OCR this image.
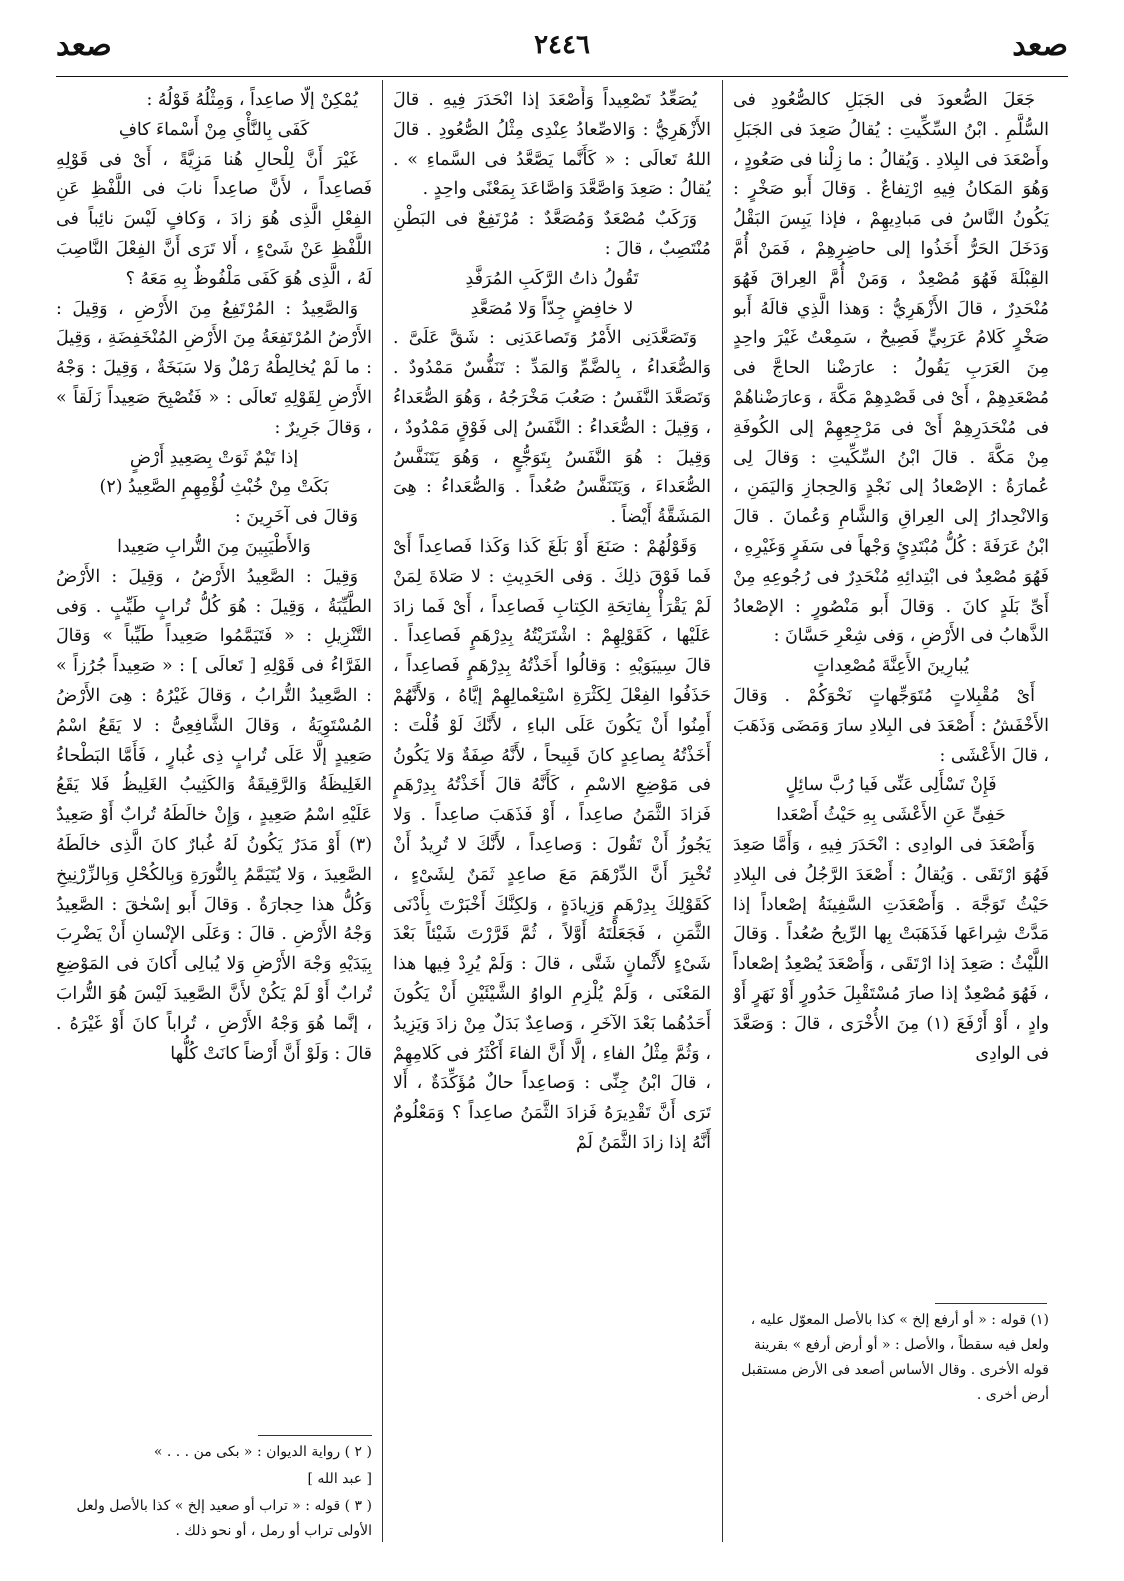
صعد
٢٤٤٦
صعد

جَعَلَ الصُّعودَ فى الجَبَلِ كالصُّعُودِ فى السُّلَّمِ . ابْنُ السِّكِّيتِ : يُقالُ صَعِدَ فى الجَبَلِ وأَصْعَدَ فى البِلادِ . وَيُقالُ : ما زِلْنا فى صَعُودٍ ، وَهُوَ المَكانُ فِيهِ ارْتِفاعٌ . وَقالَ أَبو صَخْرٍ : يَكُونُ النَّاسُ فى مَبادِيهِمْ ، فإذا يَبِسَ البَقْلُ وَدَخَلَ الحَرُّ أَخَذُوا إلى حاضِرِهِمْ ، فَمَنْ أُمَّ القِبْلَةَ فَهُوَ مُصْعِدٌ ، وَمَنْ أُمَّ العِراقَ فَهُوَ مُنْحَدِرٌ ، قالَ الأَزْهَرِيُّ : وَهذا الَّذِي قالَهُ أَبو صَخْرٍ كَلامُ عَرَبِيٍّ فَصِيحٌ ، سَمِعْتُ غَيْرَ واحِدٍ مِنَ العَرَبِ يَقُولُ : عارَضْنا الحاجَّ فى مُصْعَدِهِمْ ، أَىْ فى قَصْدِهِمْ مَكَّةَ ، وَعارَضْناهُمْ فى مُنْحَدَرِهِمْ أَىْ فى مَرْجِعِهِمْ إلى الكُوفَةِ مِنْ مَكَّةَ . قالَ ابْنُ السِّكِّيتِ : وَقالَ لِى عُمارَةُ : الإصْعادُ إلى نَجْدٍ وَالحِجازِ وَاليَمَنِ ، وَالانْحِدارُ إلى العِراقِ وَالشَّامِ وَعُمانَ . قالَ ابْنُ عَرَفَةَ : كُلُّ مُبْتَدِئٍ وَجْهاً فى سَفَرٍ وَغَيْرِهِ ، فَهُوَ مُصْعِدٌ فى ابْتِدائِهِ مُنْحَدِرٌ فى رُجُوعِهِ مِنْ أَىِّ بَلَدٍ كانَ . وَقالَ أَبو مَنْصُورٍ : الإصْعادُ الذَّهابُ فى الأَرْضِ ، وَفى شِعْرِ حَسَّانَ :

يُبارِينَ الأَعِنَّةَ مُصْعِداتٍ

أَىْ مُقْبِلاتٍ مُتَوَجِّهاتٍ نَحْوَكُمْ . وَقالَ الأَخْفَشُ : أَصْعَدَ فى البِلادِ سارَ وَمَضَى وَذَهَبَ ، قالَ الأَعْشَى :

فَإِنْ تَسْأَلِى عَنِّى فَيا رُبَّ سائِلٍ

حَفِىٍّ عَنِ الأَعْشَى بِهِ حَيْثُ أَصْعَدا

وَأَصْعَدَ فى الوادِى : انْحَدَرَ فِيهِ ، وَأَمَّا صَعِدَ فَهُوَ ارْتَقَى . وَيُقالُ : أَصْعَدَ الرَّجُلُ فى البِلادِ حَيْثُ تَوَجَّهَ . وَأَصْعَدَتِ السَّفِينَةُ إصْعاداً إذا مَدَّتْ شِراعَها فَذَهَبَتْ بِها الرِّيحُ صُعُداً . وَقالَ اللَّيْثُ : صَعِدَ إذا ارْتَقَى ، وَأَصْعَدَ يُصْعِدُ إصْعاداً ، فَهُوَ مُصْعِدٌ إذا صارَ مُسْتَقْبِلَ حَدُورٍ أَوْ نَهَرٍ أَوْ وادٍ ، أَوْ أَرْفَعَ (١) مِنَ الأُخْرَى ، قالَ : وَصَعَّدَ فى الوادِى

يُصَعِّدُ تَصْعِيداً وَأَصْعَدَ إذا انْحَدَرَ فِيهِ . قالَ الأَزْهَرِيُّ : وَالاصِّعادُ عِنْدِى مِثْلُ الصُّعُودِ . قالَ اللهُ تَعالَى : « كَأَنَّما يَصَّعَّدُ فى السَّماءِ » . يُقالُ : صَعِدَ وَاصَّعَّدَ وَاصَّاعَدَ بِمَعْنًى واحِدٍ .

وَرَكَبٌ مُصْعَدٌ وَمُصَعَّدٌ : مُرْتَفِعٌ فى البَطْنِ مُنْتَصِبٌ ، قالَ :

تَقُولُ ذاتُ الرَّكَبِ المُرَفَّدِ

لا خافِضٍ جِدّاً وَلا مُصَعَّدِ

وَتَصَعَّدَنِى الأَمْرُ وَتَصاعَدَنِى : شَقَّ عَلَىَّ . وَالصُّعَداءُ ، بِالضَّمِّ وَالمَدِّ : تَنَفُّسٌ مَمْدُودٌ . وَتَصَعَّدَ النَّفَسُ : صَعُبَ مَخْرَجُهُ ، وَهُوَ الصُّعَداءُ ، وَقِيلَ : الصُّعَداءُ : النَّفَسُ إلى فَوْقٍ مَمْدُودٌ ، وَقِيلَ : هُوَ النَّفَسُ بِتَوَجُّعٍ ، وَهُوَ يَتَنَفَّسُ الصُّعَداءَ ، وَيَتَنَفَّسُ صُعُداً . وَالصُّعَداءُ : هِىَ المَشَقَّةُ أَيْضاً .

وَقَوْلُهُمْ : صَنَعَ أَوْ بَلَغَ كَذا وَكَذا فَصاعِداً أَىْ فَما فَوْقَ ذلِكَ . وَفى الحَدِيثِ : لا صَلاةَ لِمَنْ لَمْ يَقْرَأْ بِفاتِحَةِ الكِتابِ فَصاعِداً ، أَىْ فَما زادَ عَلَيْها ، كَقَوْلِهِمْ : اشْتَرَيْتُهُ بِدِرْهَمٍ فَصاعِداً . قالَ سِيبَوَيْهِ : وَقالُوا أَخَذْتُهُ بِدِرْهَمٍ فَصاعِداً ، حَذَفُوا الفِعْلَ لِكَثْرَةِ اسْتِعْمالِهِمْ إيَّاهُ ، وَلأَنَّهُمْ أَمِنُوا أَنْ يَكُونَ عَلَى الباءِ ، لأَنَّكَ لَوْ قُلْتَ : أَخَذْتُهُ بِصاعِدٍ كانَ قَبِيحاً ، لأَنَّهُ صِفَةٌ وَلا يَكُونُ فى مَوْضِعِ الاسْمِ ، كَأَنَّهُ قالَ أَخَذْتُهُ بِدِرْهَمٍ فَزادَ الثَّمَنُ صاعِداً ، أَوْ فَذَهَبَ صاعِداً . وَلا يَجُوزُ أَنْ تَقُولَ : وَصاعِداً ، لأَنَّكَ لا تُرِيدُ أَنْ تُخْبِرَ أَنَّ الدِّرْهَمَ مَعَ صاعِدٍ ثَمَنٌ لِشَىْءٍ ، كَقَوْلِكَ بِدِرْهَمٍ وَزِيادَةٍ ، وَلكِنَّكَ أَخْبَرْتَ بِأَدْنَى الثَّمَنِ ، فَجَعَلْتَهُ أَوَّلاً ، ثُمَّ قَرَّرْتَ شَيْئاً بَعْدَ شَىْءٍ لأَثْمانٍ شَتَّى ، قالَ : وَلَمْ يُرِدْ فِيها هذا المَعْنَى ، وَلَمْ يُلْزِمِ الواوُ الشَّيْئَيْنِ أَنْ يَكُونَ أَحَدُهُما بَعْدَ الآخَرِ ، وَصاعِدٌ بَدَلٌ مِنْ زادَ وَيَزِيدُ ، وَثُمَّ مِثْلُ الفاءِ ، إلَّا أَنَّ الفاءَ أَكْثَرُ فى كَلامِهِمْ ، قالَ ابْنُ جِنِّى : وَصاعِداً حالٌ مُؤَكِّدَةٌ ، أَلا تَرَى أَنَّ تَقْدِيرَهُ فَزادَ الثَّمَنُ صاعِداً ؟ وَمَعْلُومٌ أَنَّهُ إذا زادَ الثَّمَنُ لَمْ

يُمْكِنْ إلَّا صاعِداً ، وَمِثْلُهُ قَوْلُهُ :

كَفَى بِالنَّأْىِ مِنْ أَسْماءَ كافِ

غَيْرَ أَنَّ لِلْحالِ هُنا مَزِيَّةً ، أَىْ فى قَوْلِهِ فَصاعِداً ، لأَنَّ صاعِداً نابَ فى اللَّفْظِ عَنِ الفِعْلِ الَّذِى هُوَ زادَ ، وَكافٍ لَيْسَ نائِباً فى اللَّفْظِ عَنْ شَىْءٍ ، أَلا تَرَى أَنَّ الفِعْلَ النَّاصِبَ لَهُ ، الَّذِى هُوَ كَفَى مَلْفُوظٌ بِهِ مَعَهُ ؟

وَالصَّعِيدُ : المُرْتَفِعُ مِنَ الأَرْضِ ، وَقِيلَ : الأَرْضُ المُرْتَفِعَةُ مِنَ الأَرْضِ المُنْخَفِضَةِ ، وَقِيلَ : ما لَمْ يُخالِطْهُ رَمْلٌ وَلا سَبَخَةٌ ، وَقِيلَ : وَجْهُ الأَرْضِ لِقَوْلِهِ تَعالَى : « فَتُصْبِحَ صَعِيداً زَلَقاً » ، وَقالَ جَرِيرٌ :

إذا تَيْمٌ ثَوَتْ بِصَعِيدِ أَرْضٍ

بَكَتْ مِنْ خُبْثِ لُؤْمِهِمِ الصَّعِيدُ (٢)

وَقالَ فى آخَرِينَ :

وَالأَطْيَبِينَ مِنَ التُّرابِ صَعِيدا

وَقِيلَ : الصَّعِيدُ الأَرْضُ ، وَقِيلَ : الأَرْضُ الطَّيِّبَةُ ، وَقِيلَ : هُوَ كُلُّ تُرابٍ طَيِّبٍ . وَفى التَّنْزِيلِ : « فَتَيَمَّمُوا صَعِيداً طَيِّباً » وَقالَ الفَرَّاءُ فى قَوْلِهِ [ تَعالَى ] : « صَعِيداً جُرُزاً » : الصَّعِيدُ التُّرابُ ، وَقالَ غَيْرُهُ : هِىَ الأَرْضُ المُسْتَوِيَةُ ، وَقالَ الشَّافِعِىُّ : لا يَقَعُ اسْمُ صَعِيدٍ إلَّا عَلَى تُرابٍ ذِى غُبارٍ ، فَأَمَّا البَطْحاءُ الغَلِيظَةُ وَالرَّقِيقَةُ وَالكَثِيبُ الغَلِيظُ فَلا يَقَعُ عَلَيْهِ اسْمُ صَعِيدٍ ، وَإِنْ خالَطَهُ تُرابٌ أَوْ صَعِيدٌ (٣) أَوْ مَدَرٌ يَكُونُ لَهُ غُبارٌ كانَ الَّذِى خالَطَهُ الصَّعِيدَ ، وَلا يُتَيَمَّمُ بِالنُّورَةِ وَبِالكُحْلِ وَبِالزِّرْنِيخِ وَكُلُّ هذا حِجارَةٌ . وَقالَ أَبو إسْحٰقَ : الصَّعِيدُ وَجْهُ الأَرْضِ . قالَ : وَعَلَى الإنْسانِ أَنْ يَضْرِبَ بِيَدَيْهِ وَجْهَ الأَرْضِ وَلا يُبالِى أَكانَ فى المَوْضِعِ تُرابٌ أَوْ لَمْ يَكُنْ لأَنَّ الصَّعِيدَ لَيْسَ هُوَ التُّرابَ ، إنَّما هُوَ وَجْهُ الأَرْضِ ، تُراباً كانَ أَوْ غَيْرَهُ . قالَ : وَلَوْ أَنَّ أَرْضاً كانَتْ كُلُّها

(١) قوله : « أو أرفع إلخ » كذا بالأصل المعوّل عليه ، ولعل فيه سقطاً ، والأصل : « أو أرض أرفع » بقرينة قوله الأخرى . وقال الأساس أصعد فى الأرض مستقبل أرض أخرى .

( ٢ ) رواية الديوان : « بكى من . . . »

[ عبد الله ]

( ٣ ) قوله : « تراب أو صعيد إلخ » كذا بالأصل ولعل الأولى تراب أو رمل ، أو نحو ذلك .
